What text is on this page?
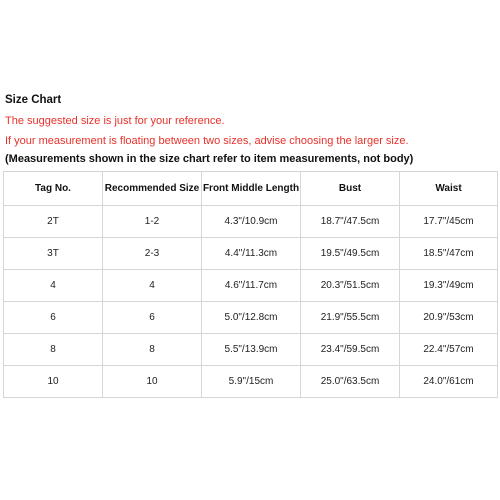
Size Chart
The suggested size is just for your reference.
If your measurement is floating between two sizes, advise choosing the larger size.
(Measurements shown in the size chart refer to item measurements, not body)
Tag No.	Recommended Size	Front Middle Length	Bust	Waist
2T	1-2	4.3"/10.9cm	18.7"/47.5cm	17.7"/45cm
3T	2-3	4.4"/11.3cm	19.5"/49.5cm	18.5"/47cm
4	4	4.6"/11.7cm	20.3"/51.5cm	19.3"/49cm
6	6	5.0"/12.8cm	21.9"/55.5cm	20.9"/53cm
8	8	5.5"/13.9cm	23.4"/59.5cm	22.4"/57cm
10	10	5.9"/15cm	25.0"/63.5cm	24.0"/61cm
